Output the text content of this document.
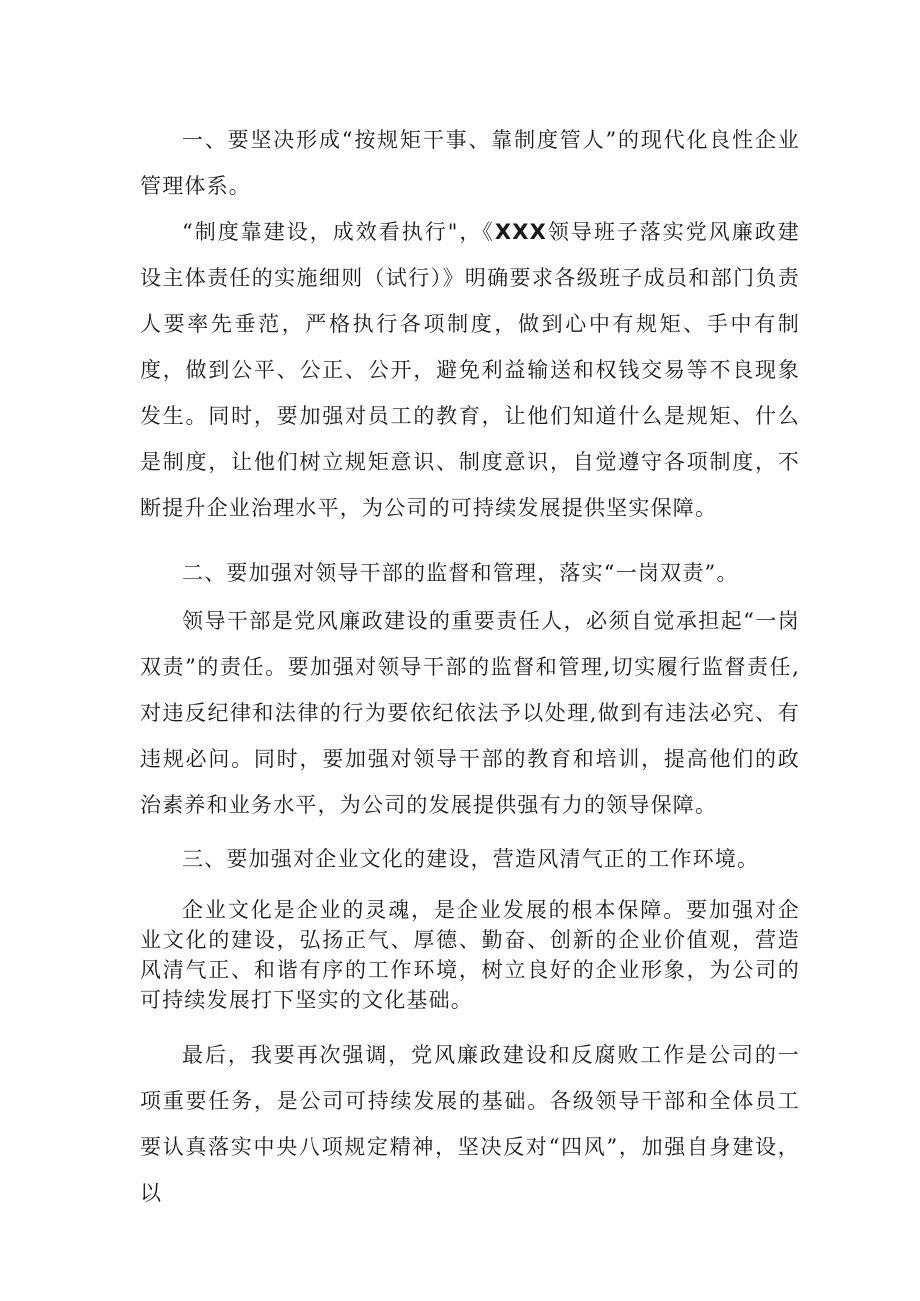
一、要坚决形成“按规矩干事、靠制度管人”的现代化良性企业管理体系。

“制度靠建设，成效看执行"，《XXX领导班子落实党风廉政建设主体责任的实施细则（试行）》明确要求各级班子成员和部门负责人要率先垂范，严格执行各项制度，做到心中有规矩、手中有制度，做到公平、公正、公开，避免利益输送和权钱交易等不良现象发生。同时，要加强对员工的教育，让他们知道什么是规矩、什么是制度，让他们树立规矩意识、制度意识，自觉遵守各项制度，不断提升企业治理水平，为公司的可持续发展提供坚实保障。

二、要加强对领导干部的监督和管理，落实“一岗双责”。

领导干部是党风廉政建设的重要责任人，必须自觉承担起“一岗双责”的责任。要加强对领导干部的监督和管理,切实履行监督责任,对违反纪律和法律的行为要依纪依法予以处理,做到有违法必究、有违规必问。同时，要加强对领导干部的教育和培训，提高他们的政治素养和业务水平，为公司的发展提供强有力的领导保障。

三、要加强对企业文化的建设，营造风清气正的工作环境。

企业文化是企业的灵魂，是企业发展的根本保障。要加强对企业文化的建设，弘扬正气、厚德、勤奋、创新的企业价值观，营造风清气正、和谐有序的工作环境，树立良好的企业形象，为公司的可持续发展打下坚实的文化基础。

最后，我要再次强调，党风廉政建设和反腐败工作是公司的一项重要任务，是公司可持续发展的基础。各级领导干部和全体员工要认真落实中央八项规定精神，坚决反对“四风”，加强自身建设，以
